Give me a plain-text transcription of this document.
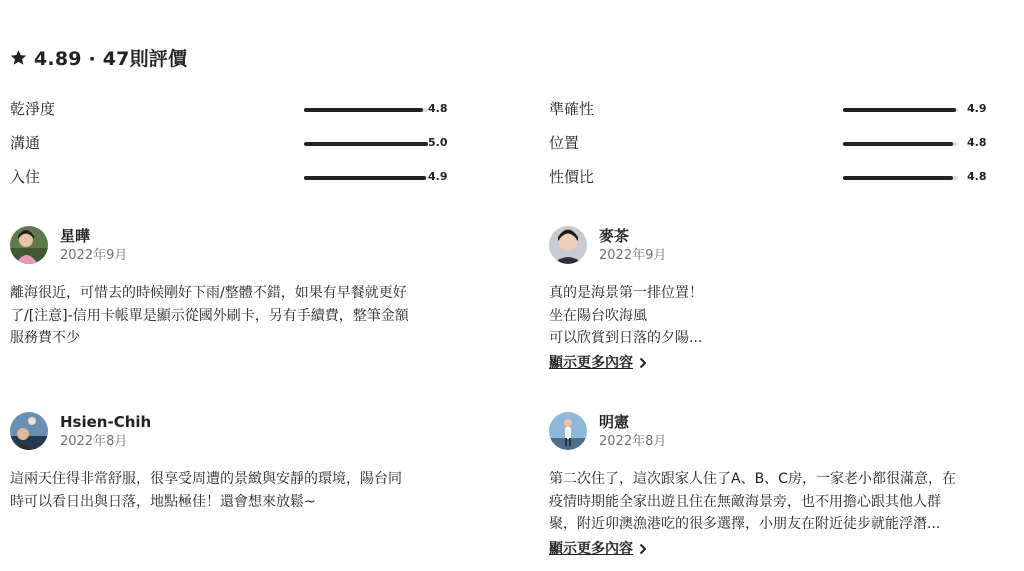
4.89 · 47則評價
乾淨度	4.8
溝通	5.0
入住	4.9
準確性	4.9
位置	4.8
性價比	4.8
星曄
2022年9月
離海很近，可惜去的時候剛好下雨/整體不錯，如果有早餐就更好
了/[注意]-信用卡帳單是顯示從國外刷卡，另有手續費，整筆金額
服務費不少
麥茶
2022年9月
真的是海景第一排位置！
坐在陽台吹海風
可以欣賞到日落的夕陽...
顯示更多內容
Hsien-Chih
2022年8月
這兩天住得非常舒服，很享受周遭的景緻與安靜的環境，陽台同
時可以看日出與日落，地點極佳！還會想來放鬆~
明憲
2022年8月
第二次住了，這次跟家人住了A、B、C房，一家老小都很滿意，在
疫情時期能全家出遊且住在無敵海景旁，也不用擔心跟其他人群
聚，附近卯澳漁港吃的很多選擇，小朋友在附近徒步就能浮潛...
顯示更多內容
